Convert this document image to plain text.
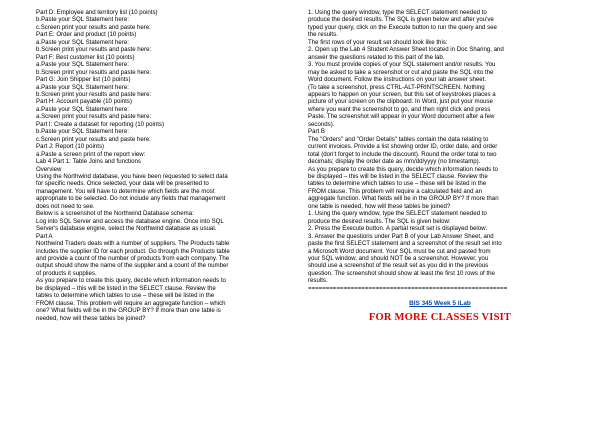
Part D: Employee and territory list (10 points)
b.Paste your SQL Statement here:
c.Screen print your results and paste here:
Part E: Order and product (10 points)
a.Paste your SQL Statement here:
b.Screen print your results and paste here:
Part F: Best customer list (10 points)
a.Paste your SQL Statement here:
b.Screen print your results and paste here:
Part G: Join Shipper list (10 points)
a.Paste your SQL Statement here:
b.Screen print your results and paste here:
Part H: Account payable (10 points)
a.Paste your SQL Statement here:
a.Screen print your results and paste here:
Part I: Create a dataset for reporting (10 points)
b.Paste your SQL Statement here:
c.Screen print your results and paste here:
Part J: Report (10 points)
a.Paste a screen print of the report view:
Lab 4 Part 1: Table Joins and functions
Overview
Using the Northwind database, you have been requested to select data
for specific needs. Once selected, your data will be presented to
management. You will have to determine which fields are the most
appropriate to be selected. Do not include any fields that management
does not need to see.
Below is a screenshot of the Northwind Database schema:
Log into SQL Server and access the database engine. Once into SQL
Server's database engine, select the Northwind database as usual.
Part A
Northwind Traders deals with a number of suppliers. The Products table
includes the supplier ID for each product. Go through the Products table
and provide a count of the number of products from each company. The
output should show the name of the supplier and a count of the number
of products it supplies.
As you prepare to create this query, decide which information needs to
be displayed – this will be listed in the SELECT clause. Review the
tables to determine which tables to use – these will be listed in the
FROM clause. This problem will require an aggregate function – which
one? What fields will be in the GROUP BY? If more than one table is
needed, how will these tables be joined?
1. Using the query window, type the SELECT statement needed to
produce the desired results. The SQL is given below and after you've
typed your query, click on the Execute button to run the query and see
the results.
The first rows of your result set should look like this:
2. Open up the Lab 4 Student Answer Sheet located in Doc Sharing, and
answer the questions related to this part of the lab.
3. You must provide copies of your SQL statement and/or results. You
may be asked to take a screenshot or cut and paste the SQL into the
Word document. Follow the instructions on your lab answer sheet.
(To take a screenshot, press CTRL-ALT-PRINTSCREEN. Nothing
appears to happen on your screen, but this set of keystrokes places a
picture of your screen on the clipboard. In Word, just put your mouse
where you want the screenshot to go, and then right click and press
Paste. The screenshot will appear in your Word document after a few
seconds).
Part B
The "Orders" and "Order Details" tables contain the data relating to
current invoices. Provide a list showing order ID, order date, and order
total (don't forget to include the discount). Round the order total to two
decimals; display the order date as mm/dd/yyyy (no timestamp).
As you prepare to create this query, decide which information needs to
be displayed – this will be listed in the SELECT clause. Review the
tables to determine which tables to use – these will be listed in the
FROM clause. This problem will require a calculated field and an
aggregate function. What fields will be in the GROUP BY? If more than
one table is needed, how will these tables be joined?
1. Using the query window, type the SELECT statement needed to
produce the desired results. The SQL is given below:
2. Press the Execute button. A partial result set is displayed below:
3. Answer the questions under Part B of your Lab Answer Sheet, and
paste the first SELECT statement and a screenshot of the result set into
a Microsoft Word document. Your SQL must be cut and pasted from
your SQL window, and should NOT be a screenshot. However, you
should use a screenshot of the result set as you did in the previous
question. The screenshot should show at least the first 10 rows of the
results.
========================================================
BIS 345 Week 5 iLab
FOR MORE CLASSES VISIT
